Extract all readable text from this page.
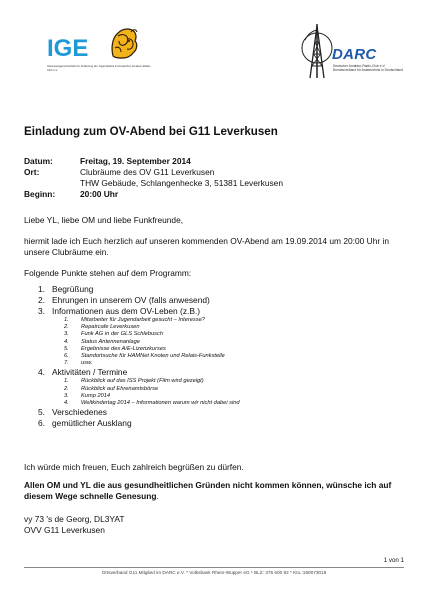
IGE
Interessengemeinschaft zur Förderung der Jugendarbeit im Deutschen Amateur-Radio-Club e.V.
DARC
Deutscher Amateur-Radio-Club e.V.
Bundesverband für Amateurfunk in Deutschland
Einladung zum OV-Abend bei G11 Leverkusen
Datum:	Freitag, 19. September 2014
Ort:	Clubräume des OV G11 Leverkusen
THW Gebäude, Schlangenhecke 3, 51381 Leverkusen
Beginn:	20:00 Uhr
Liebe YL, liebe OM und liebe Funkfreunde,
hiermit lade ich Euch herzlich auf unseren kommenden OV-Abend am 19.09.2014 um 20:00 Uhr in unsere Clubräume ein.
Folgende Punkte stehen auf dem Programm:
1. Begrüßung
2. Ehrungen in unserem OV (falls anwesend)
3. Informationen aus dem OV-Leben (z.B.)
1.	Mitarbeiter für Jugendarbeit gesucht – Interesse?
2.	Repaircafe Leverkusen
3.	Funk AG in der GLS Schlebusch
4.	Status Antennenanlage
5.	Ergebnisse des A/E-Lizenzkurses
6.	Standortsuche für HAMNet Knoten und Relais-Funkstelle
7.	usw.
4. Aktivitäten / Termine
1.	Rückblick auf das ISS Projekt (Film wird gezeigt)
2.	Rückblick auf Ehrenamtsbörse
3.	Kump 2014
4.	Weltkindertag 2014 – Informationen warum wir nicht dabei sind
5. Verschiedenes
6. gemütlicher Ausklang
Ich würde mich freuen, Euch zahlreich begrüßen zu dürfen.
Allen OM und YL die aus gesundheitlichen Gründen nicht kommen können, wünsche ich auf diesem Wege schnelle Genesung.
vy 73 's de Georg, DL3YAT
OVV G11 Leverkusen
1 von 1
Ortsverband G11 Mitglied im DARC e.V. * Volksbank Rhein-Wupper eG * BLZ: 375 600 92 * Kto.:190073018
